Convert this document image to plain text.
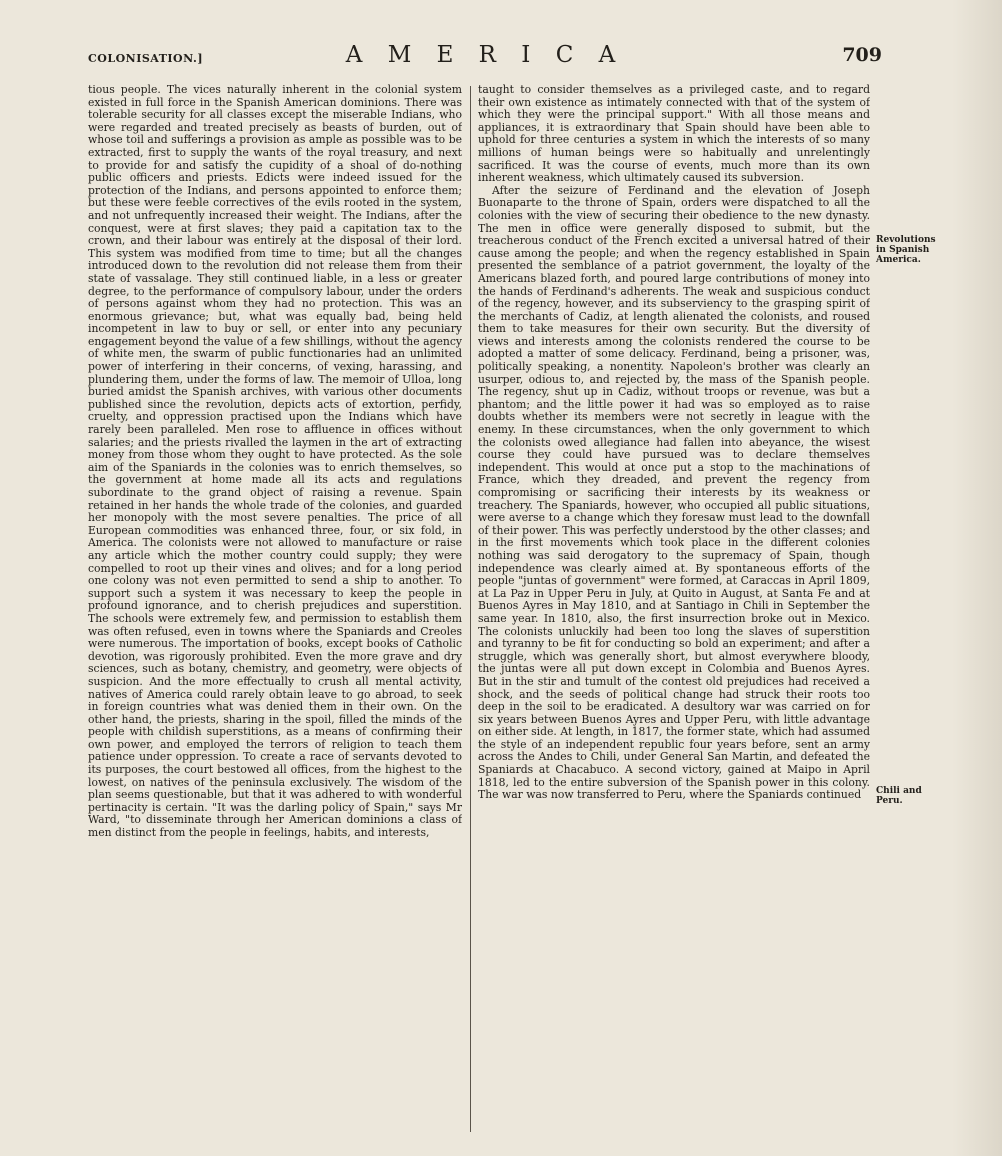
COLONISATION.]	A M E R I C A	709

tious people. The vices naturally inherent in the colonial system existed in full force in the Spanish American dominions. There was tolerable security for all classes except the miserable Indians, who were regarded and treated precisely as beasts of burden, out of whose toil and sufferings a provision as ample as possible was to be extracted, first to supply the wants of the royal treasury, and next to provide for and satisfy the cupidity of a shoal of do-nothing public officers and priests. Edicts were indeed issued for the protection of the Indians, and persons appointed to enforce them; but these were feeble correctives of the evils rooted in the system, and not unfrequently increased their weight. The Indians, after the conquest, were at first slaves; they paid a capitation tax to the crown, and their labour was entirely at the disposal of their lord. This system was modified from time to time; but all the changes introduced down to the revolution did not release them from their state of vassalage. They still continued liable, in a less or greater degree, to the performance of compulsory labour, under the orders of persons against whom they had no protection. This was an enormous grievance; but, what was equally bad, being held incompetent in law to buy or sell, or enter into any pecuniary engagement beyond the value of a few shillings, without the agency of white men, the swarm of public functionaries had an unlimited power of interfering in their concerns, of vexing, harassing, and plundering them, under the forms of law. The memoir of Ulloa, long buried amidst the Spanish archives, with various other documents published since the revolution, depicts acts of extortion, perfidy, cruelty, and oppression practised upon the Indians which have rarely been paralleled. Men rose to affluence in offices without salaries; and the priests rivalled the laymen in the art of extracting money from those whom they ought to have protected. As the sole aim of the Spaniards in the colonies was to enrich themselves, so the government at home made all its acts and regulations subordinate to the grand object of raising a revenue. Spain retained in her hands the whole trade of the colonies, and guarded her monopoly with the most severe penalties. The price of all European commodities was enhanced three, four, or six fold, in America. The colonists were not allowed to manufacture or raise any article which the mother country could supply; they were compelled to root up their vines and olives; and for a long period one colony was not even permitted to send a ship to another. To support such a system it was necessary to keep the people in profound ignorance, and to cherish prejudices and superstition. The schools were extremely few, and permission to establish them was often refused, even in towns where the Spaniards and Creoles were numerous. The importation of books, except books of Catholic devotion, was rigorously prohibited. Even the more grave and dry sciences, such as botany, chemistry, and geometry, were objects of suspicion. And the more effectually to crush all mental activity, natives of America could rarely obtain leave to go abroad, to seek in foreign countries what was denied them in their own. On the other hand, the priests, sharing in the spoil, filled the minds of the people with childish superstitions, as a means of confirming their own power, and employed the terrors of religion to teach them patience under oppression. To create a race of servants devoted to its purposes, the court bestowed all offices, from the highest to the lowest, on natives of the peninsula exclusively. The wisdom of the plan seems questionable, but that it was adhered to with wonderful pertinacity is certain. "It was the darling policy of Spain," says Mr Ward, "to disseminate through her American dominions a class of men distinct from the people in feelings, habits, and interests,

taught to consider themselves as a privileged caste, and to regard their own existence as intimately connected with that of the system of which they were the principal support." With all those means and appliances, it is extraordinary that Spain should have been able to uphold for three centuries a system in which the interests of so many millions of human beings were so habitually and unrelentingly sacrificed. It was the course of events, much more than its own inherent weakness, which ultimately caused its subversion.

After the seizure of Ferdinand and the elevation of Joseph Buonaparte to the throne of Spain, orders were dispatched to all the colonies with the view of securing their obedience to the new dynasty. The men in office were generally disposed to submit, but the treacherous conduct of the French excited a universal hatred of their cause among the people; and when the regency established in Spain presented the semblance of a patriot government, the loyalty of the Americans blazed forth, and poured large contributions of money into the hands of Ferdinand's adherents. The weak and suspicious conduct of the regency, however, and its subserviency to the grasping spirit of the merchants of Cadiz, at length alienated the colonists, and roused them to take measures for their own security. But the diversity of views and interests among the colonists rendered the course to be adopted a matter of some delicacy. Ferdinand, being a prisoner, was, politically speaking, a nonentity. Napoleon's brother was clearly an usurper, odious to, and rejected by, the mass of the Spanish people. The regency, shut up in Cadiz, without troops or revenue, was but a phantom; and the little power it had was so employed as to raise doubts whether its members were not secretly in league with the enemy. In these circumstances, when the only government to which the colonists owed allegiance had fallen into abeyance, the wisest course they could have pursued was to declare themselves independent. This would at once put a stop to the machinations of France, which they dreaded, and prevent the regency from compromising or sacrificing their interests by its weakness or treachery. The Spaniards, however, who occupied all public situations, were averse to a change which they foresaw must lead to the downfall of their power. This was perfectly understood by the other classes; and in the first movements which took place in the different colonies nothing was said derogatory to the supremacy of Spain, though independence was clearly aimed at. By spontaneous efforts of the people "juntas of government" were formed, at Caraccas in April 1809, at La Paz in Upper Peru in July, at Quito in August, at Santa Fe and at Buenos Ayres in May 1810, and at Santiago in Chili in September the same year. In 1810, also, the first insurrection broke out in Mexico. The colonists unluckily had been too long the slaves of superstition and tyranny to be fit for conducting so bold an experiment; and after a struggle, which was generally short, but almost everywhere bloody, the juntas were all put down except in Colombia and Buenos Ayres. But in the stir and tumult of the contest old prejudices had received a shock, and the seeds of political change had struck their roots too deep in the soil to be eradicated. A desultory war was carried on for six years between Buenos Ayres and Upper Peru, with little advantage on either side. At length, in 1817, the former state, which had assumed the style of an independent republic four years before, sent an army across the Andes to Chili, under General San Martin, and defeated the Spaniards at Chacabuco. A second victory, gained at Maipo in April 1818, led to the entire subversion of the Spanish power in this colony. The war was now transferred to Peru, where the Spaniards continued

Revolutions in Spanish America.
Chili and Peru.
